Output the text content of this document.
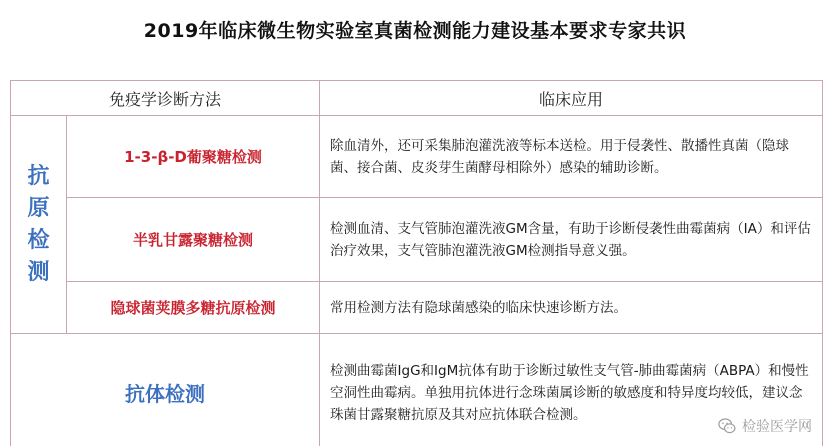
2019年临床微生物实验室真菌检测能力建设基本要求专家共识
免疫学诊断方法		临床应用

抗
原
检
测	1-3-β-D葡聚糖检测	除血清外，还可采集肺泡灌洗液等标本送检。用于侵袭性、散播性真菌（隐球菌、接合菌、皮炎芽生菌酵母相除外）感染的辅助诊断。
	半乳甘露聚糖检测	检测血清、支气管肺泡灌洗液GM含量，有助于诊断侵袭性曲霉菌病（IA）和评估治疗效果，支气管肺泡灌洗液GM检测指导意义强。
	隐球菌荚膜多糖抗原检测	常用检测方法有隐球菌感染的临床快速诊断方法。
抗体检测		检测曲霉菌IgG和IgM抗体有助于诊断过敏性支气管-肺曲霉菌病（ABPA）和慢性空洞性曲霉病。单独用抗体进行念珠菌属诊断的敏感度和特异度均较低，建议念珠菌甘露聚糖抗原及其对应抗体联合检测。
检验医学网
